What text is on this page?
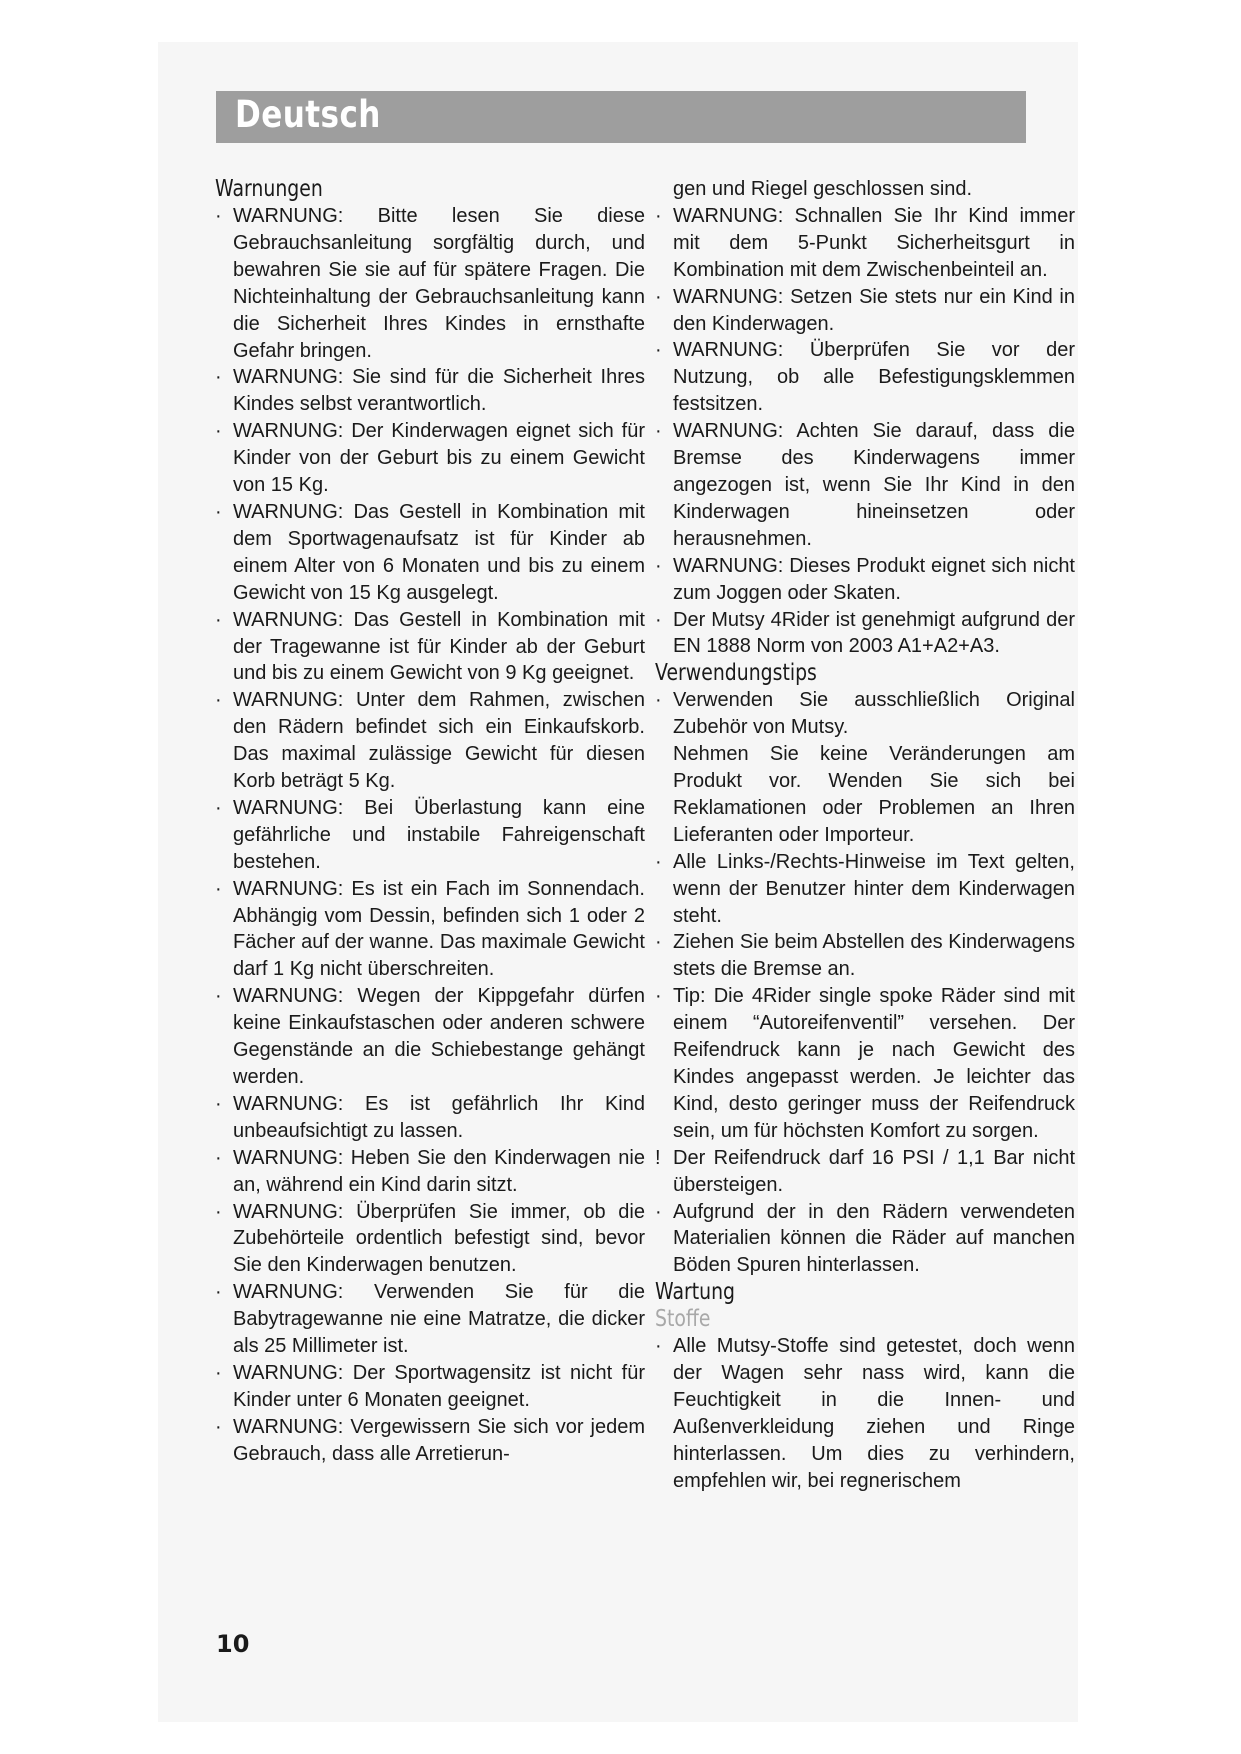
Deutsch
Warnungen
· WARNUNG: Bitte lesen Sie diese Gebrauchsanleitung sorgfältig durch, und bewahren Sie sie auf für spätere Fragen. Die Nichteinhaltung der Gebrauchsanleitung kann die Sicherheit Ihres Kindes in ernsthafte Gefahr bringen.
· WARNUNG: Sie sind für die Sicherheit Ihres Kindes selbst verantwortlich.
· WARNUNG: Der Kinderwagen eignet sich für Kinder von der Geburt bis zu einem Gewicht von 15 Kg.
· WARNUNG: Das Gestell in Kombination mit dem Sportwagenaufsatz ist für Kinder ab einem Alter von 6 Monaten und bis zu einem Gewicht von 15 Kg ausgelegt.
· WARNUNG: Das Gestell in Kombination mit der Tragewanne ist für Kinder ab der Geburt und bis zu einem Gewicht von 9 Kg geeignet.
· WARNUNG: Unter dem Rahmen, zwischen den Rädern befindet sich ein Einkaufskorb. Das maximal zulässige Gewicht für diesen Korb beträgt 5 Kg.
· WARNUNG: Bei Überlastung kann eine gefährliche und instabile Fahreigenschaft bestehen.
· WARNUNG: Es ist ein Fach im Sonnendach. Abhängig vom Dessin, befinden sich 1 oder 2 Fächer auf der wanne. Das maximale Gewicht darf 1 Kg nicht überschreiten.
· WARNUNG: Wegen der Kippgefahr dürfen keine Einkaufstaschen oder anderen schwere Gegenstände an die Schiebestange gehängt werden.
· WARNUNG: Es ist gefährlich Ihr Kind unbeaufsichtigt zu lassen.
· WARNUNG: Heben Sie den Kinderwagen nie an, während ein Kind darin sitzt.
· WARNUNG: Überprüfen Sie immer, ob die Zubehörteile ordentlich befestigt sind, bevor Sie den Kinderwagen benutzen.
· WARNUNG: Verwenden Sie für die Babytragewanne nie eine Matratze, die dicker als 25 Millimeter ist.
· WARNUNG: Der Sportwagensitz ist nicht für Kinder unter 6 Monaten geeignet.
· WARNUNG: Vergewissern Sie sich vor jedem Gebrauch, dass alle Arretierun-
gen und Riegel geschlossen sind.
· WARNUNG: Schnallen Sie Ihr Kind immer mit dem 5-Punkt Sicherheitsgurt in Kombination mit dem Zwischenbeinteil an.
· WARNUNG: Setzen Sie stets nur ein Kind in den Kinderwagen.
· WARNUNG: Überprüfen Sie vor der Nutzung, ob alle Befestigungsklemmen festsitzen.
· WARNUNG: Achten Sie darauf, dass die Bremse des Kinderwagens immer angezogen ist, wenn Sie Ihr Kind in den Kinderwagen hineinsetzen oder herausnehmen.
· WARNUNG: Dieses Produkt eignet sich nicht zum Joggen oder Skaten.
· Der Mutsy 4Rider ist genehmigt aufgrund der EN 1888 Norm von 2003 A1+A2+A3.
Verwendungstips
· Verwenden Sie ausschließlich Original Zubehör von Mutsy.
Nehmen Sie keine Veränderungen am Produkt vor. Wenden Sie sich bei Reklamationen oder Problemen an Ihren Lieferanten oder Importeur.
· Alle Links-/Rechts-Hinweise im Text gelten, wenn der Benutzer hinter dem Kinderwagen steht.
· Ziehen Sie beim Abstellen des Kinderwagens stets die Bremse an.
· Tip: Die 4Rider single spoke Räder sind mit einem “Autoreifenventil” versehen. Der Reifendruck kann je nach Gewicht des Kindes angepasst werden. Je leichter das Kind, desto geringer muss der Reifendruck sein, um für höchsten Komfort zu sorgen.
! Der Reifendruck darf 16 PSI / 1,1 Bar nicht übersteigen.
· Aufgrund der in den Rädern verwendeten Materialien können die Räder auf manchen Böden Spuren hinterlassen.
Wartung
Stoffe
· Alle Mutsy-Stoffe sind getestet, doch wenn der Wagen sehr nass wird, kann die Feuchtigkeit in die Innen- und Außenverkleidung ziehen und Ringe hinterlassen. Um dies zu verhindern, empfehlen wir, bei regnerischem
10
